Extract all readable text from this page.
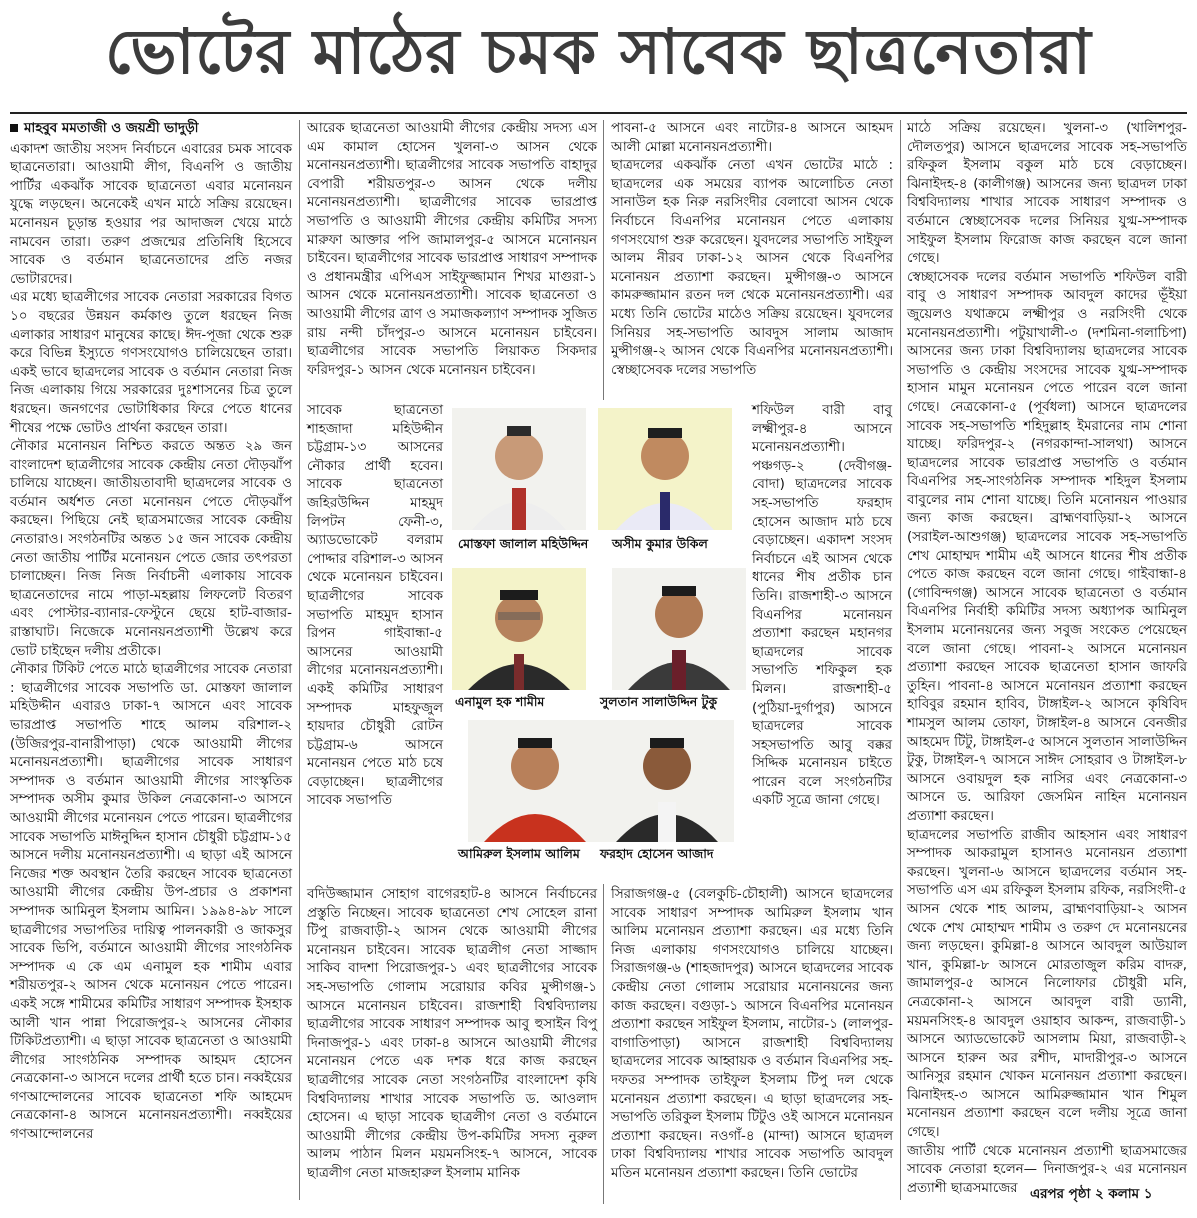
ভোটের মাঠের চমক সাবেক ছাত্রনেতারা

মাহবুব মমতাজী ও জয়শ্রী ভাদুড়ী

একাদশ জাতীয় সংসদ নির্বাচনে এবারের চমক সাবেক ছাত্রনেতারা। আওয়ামী লীগ, বিএনপি ও জাতীয় পার্টির একঝাঁক সাবেক ছাত্রনেতা এবার মনোনয়ন যুদ্ধে লড়ছেন। অনেকেই এখন মাঠে সক্রিয় রয়েছেন। মনোনয়ন চূড়ান্ত হওয়ার পর আদাজল খেয়ে মাঠে নামবেন তারা। তরুণ প্রজন্মের প্রতিনিধি হিসেবে সাবেক ও বর্তমান ছাত্রনেতাদের প্রতি নজর ভোটারদের।

এর মধ্যে ছাত্রলীগের সাবেক নেতারা সরকারের বিগত ১০ বছরের উন্নয়ন কর্মকাণ্ড তুলে ধরছেন নিজ এলাকার সাধারণ মানুষের কাছে। ঈদ-পূজা থেকে শুরু করে বিভিন্ন ইস্যুতে গণসংযোগও চালিয়েছেন তারা। একই ভাবে ছাত্রদলের সাবেক ও বর্তমান নেতারা নিজ নিজ এলাকায় গিয়ে সরকারের দুঃশাসনের চিত্র তুলে ধরছেন। জনগণের ভোটাধিকার ফিরে পেতে ধানের শীষের পক্ষে ভোটও প্রার্থনা করছেন তারা।

নৌকার মনোনয়ন নিশ্চিত করতে অন্তত ২৯ জন বাংলাদেশ ছাত্রলীগের সাবেক কেন্দ্রীয় নেতা দৌড়ঝাঁপ চালিয়ে যাচ্ছেন। জাতীয়তাবাদী ছাত্রদলের সাবেক ও বর্তমান অর্ধশত নেতা মনোনয়ন পেতে দৌড়ঝাঁপ করছেন। পিছিয়ে নেই ছাত্রসমাজের সাবেক কেন্দ্রীয় নেতারাও। সংগঠনটির অন্তত ১৫ জন সাবেক কেন্দ্রীয় নেতা জাতীয় পার্টির মনোনয়ন পেতে জোর তৎপরতা চালাচ্ছেন। নিজ নিজ নির্বাচনী এলাকায় সাবেক ছাত্রনেতাদের নামে পাড়া-মহল্লায় লিফলেট বিতরণ এবং পোস্টার-ব্যানার-ফেস্টুনে ছেয়ে হাট-বাজার-রাস্তাঘাট। নিজেকে মনোনয়নপ্রত্যাশী উল্লেখ করে ভোট চাইছেন দলীয় প্রতীকে।

নৌকার টিকিট পেতে মাঠে ছাত্রলীগের সাবেক নেতারা : ছাত্রলীগের সাবেক সভাপতি ডা. মোস্তফা জালাল মহিউদ্দীন এবারও ঢাকা-৭ আসনে এবং সাবেক ভারপ্রাপ্ত সভাপতি শাহে আলম বরিশাল-২ (উজিরপুর-বানারীপাড়া) থেকে আওয়ামী লীগের মনোনয়নপ্রত্যাশী। ছাত্রলীগের সাবেক সাধারণ সম্পাদক ও বর্তমান আওয়ামী লীগের সাংস্কৃতিক সম্পাদক অসীম কুমার উকিল নেত্রকোনা-৩ আসনে আওয়ামী লীগের মনোনয়ন পেতে পারেন। ছাত্রলীগের সাবেক সভাপতি মাঈনুদ্দিন হাসান চৌধুরী চট্টগ্রাম-১৫ আসনে দলীয় মনোনয়নপ্রত্যাশী। এ ছাড়া এই আসনে নিজের শক্ত অবস্থান তৈরি করছেন সাবেক ছাত্রনেতা আওয়ামী লীগের কেন্দ্রীয় উপ-প্রচার ও প্রকাশনা সম্পাদক আমিনুল ইসলাম আমিন। ১৯৯৪-৯৮ সালে ছাত্রলীগের সভাপতির দায়িত্ব পালনকারী ও জাকসুর সাবেক ভিপি, বর্তমানে আওয়ামী লীগের সাংগঠনিক সম্পাদক এ কে এম এনামুল হক শামীম এবার শরীয়তপুর-২ আসন থেকে মনোনয়ন পেতে পারেন। একই সঙ্গে শামীমের কমিটির সাধারণ সম্পাদক ইসহাক আলী খান পান্না পিরোজপুর-২ আসনের নৌকার টিকিটপ্রত্যাশী। এ ছাড়া সাবেক ছাত্রনেতা ও আওয়ামী লীগের সাংগঠনিক সম্পাদক আহমদ হোসেন নেত্রকোনা-৩ আসনে দলের প্রার্থী হতে চান। নব্বইয়ের গণআন্দোলনের সাবেক ছাত্রনেতা শফি আহমেদ নেত্রকোনা-৪ আসনে মনোনয়নপ্রত্যাশী। নব্বইয়ের গণআন্দোলনের

আরেক ছাত্রনেতা আওয়ামী লীগের কেন্দ্রীয় সদস্য এস এম কামাল হোসেন খুলনা-৩ আসন থেকে মনোনয়নপ্রত্যাশী। ছাত্রলীগের সাবেক সভাপতি বাহাদুর বেপারী শরীয়তপুর-৩ আসন থেকে দলীয় মনোনয়নপ্রত্যাশী। ছাত্রলীগের সাবেক ভারপ্রাপ্ত সভাপতি ও আওয়ামী লীগের কেন্দ্রীয় কমিটির সদস্য মারুফা আক্তার পপি জামালপুর-৫ আসনে মনোনয়ন চাইবেন। ছাত্রলীগের সাবেক ভারপ্রাপ্ত সাধারণ সম্পাদক ও প্রধানমন্ত্রীর এপিএস সাইফুজ্জামান শিখর মাগুরা-১ আসন থেকে মনোনয়নপ্রত্যাশী। সাবেক ছাত্রনেতা ও আওয়ামী লীগের ত্রাণ ও সমাজকল্যাণ সম্পাদক সুজিত রায় নন্দী চাঁদপুর-৩ আসনে মনোনয়ন চাইবেন। ছাত্রলীগের সাবেক সভাপতি লিয়াকত সিকদার ফরিদপুর-১ আসন থেকে মনোনয়ন চাইবেন।

সাবেক ছাত্রনেতা শাহজাদা মহিউদ্দীন চট্টগ্রাম-১৩ আসনের নৌকার প্রার্থী হবেন। সাবেক ছাত্রনেতা জহিরউদ্দিন মাহমুদ লিপটন ফেনী-৩, অ্যাডভোকেট বলরাম পোদ্দার বরিশাল-৩ আসন থেকে মনোনয়ন চাইবেন। ছাত্রলীগের সাবেক সভাপতি মাহমুদ হাসান রিপন গাইবান্ধা-৫ আসনের আওয়ামী লীগের মনোনয়নপ্রত্যাশী। একই কমিটির সাধারণ সম্পাদক মাহফুজুল হায়দার চৌধুরী রোটন চট্টগ্রাম-৬ আসনে মনোনয়ন পেতে মাঠ চষে বেড়াচ্ছেন। ছাত্রলীগের সাবেক সভাপতি

বদিউজ্জামান সোহাগ বাগেরহাট-৪ আসনে নির্বাচনের প্রস্তুতি নিচ্ছেন। সাবেক ছাত্রনেতা শেখ সোহেল রানা টিপু রাজবাড়ী-২ আসন থেকে আওয়ামী লীগের মনোনয়ন চাইবেন। সাবেক ছাত্রলীগ নেতা সাজ্জাদ সাকিব বাদশা পিরোজপুর-১ এবং ছাত্রলীগের সাবেক সহ-সভাপতি গোলাম সরোয়ার কবির মুন্সীগঞ্জ-১ আসনে মনোনয়ন চাইবেন। রাজশাহী বিশ্ববিদ্যালয় ছাত্রলীগের সাবেক সাধারণ সম্পাদক আবু হুসাইন বিপু দিনাজপুর-১ এবং ঢাকা-৪ আসনে আওয়ামী লীগের মনোনয়ন পেতে এক দশক ধরে কাজ করছেন ছাত্রলীগের সাবেক নেতা সংগঠনটির বাংলাদেশ কৃষি বিশ্ববিদ্যালয় শাখার সাবেক সভাপতি ড. আওলাদ হোসেন। এ ছাড়া সাবেক ছাত্রলীগ নেতা ও বর্তমানে আওয়ামী লীগের কেন্দ্রীয় উপ-কমিটির সদস্য নুরুল আলম পাঠান মিলন ময়মনসিংহ-৭ আসনে, সাবেক ছাত্রলীগ নেতা মাজহারুল ইসলাম মানিক

পাবনা-৫ আসনে এবং নাটোর-৪ আসনে আহমদ আলী মোল্লা মনোনয়নপ্রত্যাশী।

ছাত্রদলের একঝাঁক নেতা এখন ভোটের মাঠে : ছাত্রদলের এক সময়ের ব্যাপক আলোচিত নেতা সানাউল হক নিরু নরসিংদীর বেলাবো আসন থেকে নির্বাচনে বিএনপির মনোনয়ন পেতে এলাকায় গণসংযোগ শুরু করেছেন। যুবদলের সভাপতি সাইফুল আলম নীরব ঢাকা-১২ আসন থেকে বিএনপির মনোনয়ন প্রত্যাশা করছেন। মুন্সীগঞ্জ-৩ আসনে কামরুজ্জামান রতন দল থেকে মনোনয়নপ্রত্যাশী। এর মধ্যে তিনি ভোটের মাঠেও সক্রিয় রয়েছেন। যুবদলের সিনিয়র সহ-সভাপতি আবদুস সালাম আজাদ মুন্সীগঞ্জ-২ আসন থেকে বিএনপির মনোনয়নপ্রত্যাশী। স্বেচ্ছাসেবক দলের সভাপতি

শফিউল বারী বাবু লক্ষ্মীপুর-৪ আসনে মনোনয়নপ্রত্যাশী। পঞ্চগড়-২ (দেবীগঞ্জ-বোদা) ছাত্রদলের সাবেক সহ-সভাপতি ফরহাদ হোসেন আজাদ মাঠ চষে বেড়াচ্ছেন। একাদশ সংসদ নির্বাচনে এই আসন থেকে ধানের শীষ প্রতীক চান তিনি। রাজশাহী-৩ আসনে বিএনপির মনোনয়ন প্রত্যাশা করছেন মহানগর ছাত্রদলের সাবেক সভাপতি শফিকুল হক মিলন। রাজশাহী-৫ (পুঠিয়া-দুর্গাপুর) আসনে ছাত্রদলের সাবেক সহসভাপতি আবু বক্কর সিদ্দিক মনোনয়ন চাইতে পারেন বলে সংগঠনটির একটি সূত্রে জানা গেছে।

সিরাজগঞ্জ-৫ (বেলকুচি-চৌহালী) আসনে ছাত্রদলের সাবেক সাধারণ সম্পাদক আমিরুল ইসলাম খান আলিম মনোনয়ন প্রত্যাশা করছেন। এর মধ্যে তিনি নিজ এলাকায় গণসংযোগও চালিয়ে যাচ্ছেন। সিরাজগঞ্জ-৬ (শাহজাদপুর) আসনে ছাত্রদলের সাবেক কেন্দ্রীয় নেতা গোলাম সরোয়ার মনোনয়নের জন্য কাজ করছেন। বগুড়া-১ আসনে বিএনপির মনোনয়ন প্রত্যাশা করছেন সাইফুল ইসলাম, নাটোর-১ (লালপুর-বাগাতিপাড়া) আসনে রাজশাহী বিশ্ববিদ্যালয় ছাত্রদলের সাবেক আহ্বায়ক ও বর্তমান বিএনপির সহ-দফতর সম্পাদক তাইফুল ইসলাম টিপু দল থেকে মনোনয়ন প্রত্যাশা করছেন। এ ছাড়া ছাত্রদলের সহ-সভাপতি তরিকুল ইসলাম টিটুও ওই আসনে মনোনয়ন প্রত্যাশা করছেন। নওগাঁ-৪ (মান্দা) আসনে ছাত্রদল ঢাকা বিশ্ববিদ্যালয় শাখার সাবেক সভাপতি আবদুল মতিন মনোনয়ন প্রত্যাশা করছেন। তিনি ভোটের

মাঠে সক্রিয় রয়েছেন। খুলনা-৩ (খালিশপুর-দৌলতপুর) আসনে ছাত্রদলের সাবেক সহ-সভাপতি রফিকুল ইসলাম বকুল মাঠ চষে বেড়াচ্ছেন। ঝিনাইদহ-৪ (কালীগঞ্জ) আসনের জন্য ছাত্রদল ঢাকা বিশ্ববিদ্যালয় শাখার সাবেক সাধারণ সম্পাদক ও বর্তমানে স্বেচ্ছাসেবক দলের সিনিয়র যুগ্ম-সম্পাদক সাইফুল ইসলাম ফিরোজ কাজ করছেন বলে জানা গেছে।

স্বেচ্ছাসেবক দলের বর্তমান সভাপতি শফিউল বারী বাবু ও সাধারণ সম্পাদক আবদুল কাদের ভূঁইয়া জুয়েলও যথাক্রমে লক্ষ্মীপুর ও নরসিংদী থেকে মনোনয়নপ্রত্যাশী। পটুয়াখালী-৩ (দশমিনা-গলাচিপা) আসনের জন্য ঢাকা বিশ্ববিদ্যালয় ছাত্রদলের সাবেক সভাপতি ও কেন্দ্রীয় সংসদের সাবেক যুগ্ম-সম্পাদক হাসান মামুন মনোনয়ন পেতে পারেন বলে জানা গেছে। নেত্রকোনা-৫ (পূর্বধলা) আসনে ছাত্রদলের সাবেক সহ-সভাপতি শহিদুল্লাহ ইমরানের নাম শোনা যাচ্ছে। ফরিদপুর-২ (নগরকান্দা-সালথা) আসনে ছাত্রদলের সাবেক ভারপ্রাপ্ত সভাপতি ও বর্তমান বিএনপির সহ-সাংগঠনিক সম্পাদক শহিদুল ইসলাম বাবুলের নাম শোনা যাচ্ছে। তিনি মনোনয়ন পাওয়ার জন্য কাজ করছেন। ব্রাহ্মণবাড়িয়া-২ আসনে (সরাইল-আশুগঞ্জ) ছাত্রদলের সাবেক সহ-সভাপতি শেখ মোহাম্মদ শামীম এই আসনে ধানের শীষ প্রতীক পেতে কাজ করছেন বলে জানা গেছে। গাইবান্ধা-৪ (গোবিন্দগঞ্জ) আসনে সাবেক ছাত্রনেতা ও বর্তমান বিএনপির নির্বাহী কমিটির সদস্য অধ্যাপক আমিনুল ইসলাম মনোনয়নের জন্য সবুজ সংকেত পেয়েছেন বলে জানা গেছে। পাবনা-২ আসনে মনোনয়ন প্রত্যাশা করছেন সাবেক ছাত্রনেতা হাসান জাফরি তুহিন। পাবনা-৪ আসনে মনোনয়ন প্রত্যাশা করছেন হাবিবুর রহমান হাবিব, টাঙ্গাইল-২ আসনে কৃষিবিদ শামসুল আলম তোফা, টাঙ্গাইল-৪ আসনে বেনজীর আহমেদ টিটু, টাঙ্গাইল-৫ আসনে সুলতান সালাউদ্দিন টুকু, টাঙ্গাইল-৭ আসনে সাঈদ সোহরাব ও টাঙ্গাইল-৮ আসনে ওবায়দুল হক নাসির এবং নেত্রকোনা-৩ আসনে ড. আরিফা জেসমিন নাহিন মনোনয়ন প্রত্যাশা করছেন।

ছাত্রদলের সভাপতি রাজীব আহসান এবং সাধারণ সম্পাদক আকরামুল হাসানও মনোনয়ন প্রত্যাশা করছেন। খুলনা-৬ আসনে ছাত্রদলের বর্তমান সহ-সভাপতি এস এম রফিকুল ইসলাম রফিক, নরসিংদী-৫ আসন থেকে শাহ আলম, ব্রাহ্মণবাড়িয়া-২ আসন থেকে শেখ মোহাম্মদ শামীম ও তরুণ দে মনোনয়নের জন্য লড়ছেন। কুমিল্লা-৪ আসনে আবদুল আউয়াল খান, কুমিল্লা-৮ আসনে মোরতাজুল করিম বাদরু, জামালপুর-৫ আসনে নিলোফার চৌধুরী মনি, নেত্রকোনা-২ আসনে আবদুল বারী ড্যানী, ময়মনসিংহ-৪ আবদুল ওয়াহাব আকন্দ, রাজবাড়ী-১ আসনে অ্যাডভোকেট আসলাম মিয়া, রাজবাড়ী-২ আসনে হারুন অর রশীদ, মাদারীপুর-৩ আসনে আনিসুর রহমান খোকন মনোনয়ন প্রত্যাশা করছেন। ঝিনাইদহ-৩ আসনে আমিরুজ্জামান খান শিমুল মনোনয়ন প্রত্যাশা করছেন বলে দলীয় সূত্রে জানা গেছে।

জাতীয় পার্টি থেকে মনোনয়ন প্রত্যাশী ছাত্রসমাজের সাবেক নেতারা হলেন— দিনাজপুর-২ এর মনোনয়ন প্রত্যাশী ছাত্রসমাজের এরপর পৃষ্ঠা ২ কলাম ১
মোস্তফা জালাল মহিউদ্দিন অসীম কুমার উকিল
এনামুল হক শামীম	সুলতান সালাউদ্দিন টুকু
আমিরুল ইসলাম আলিম ফরহাদ হোসেন আজাদ
